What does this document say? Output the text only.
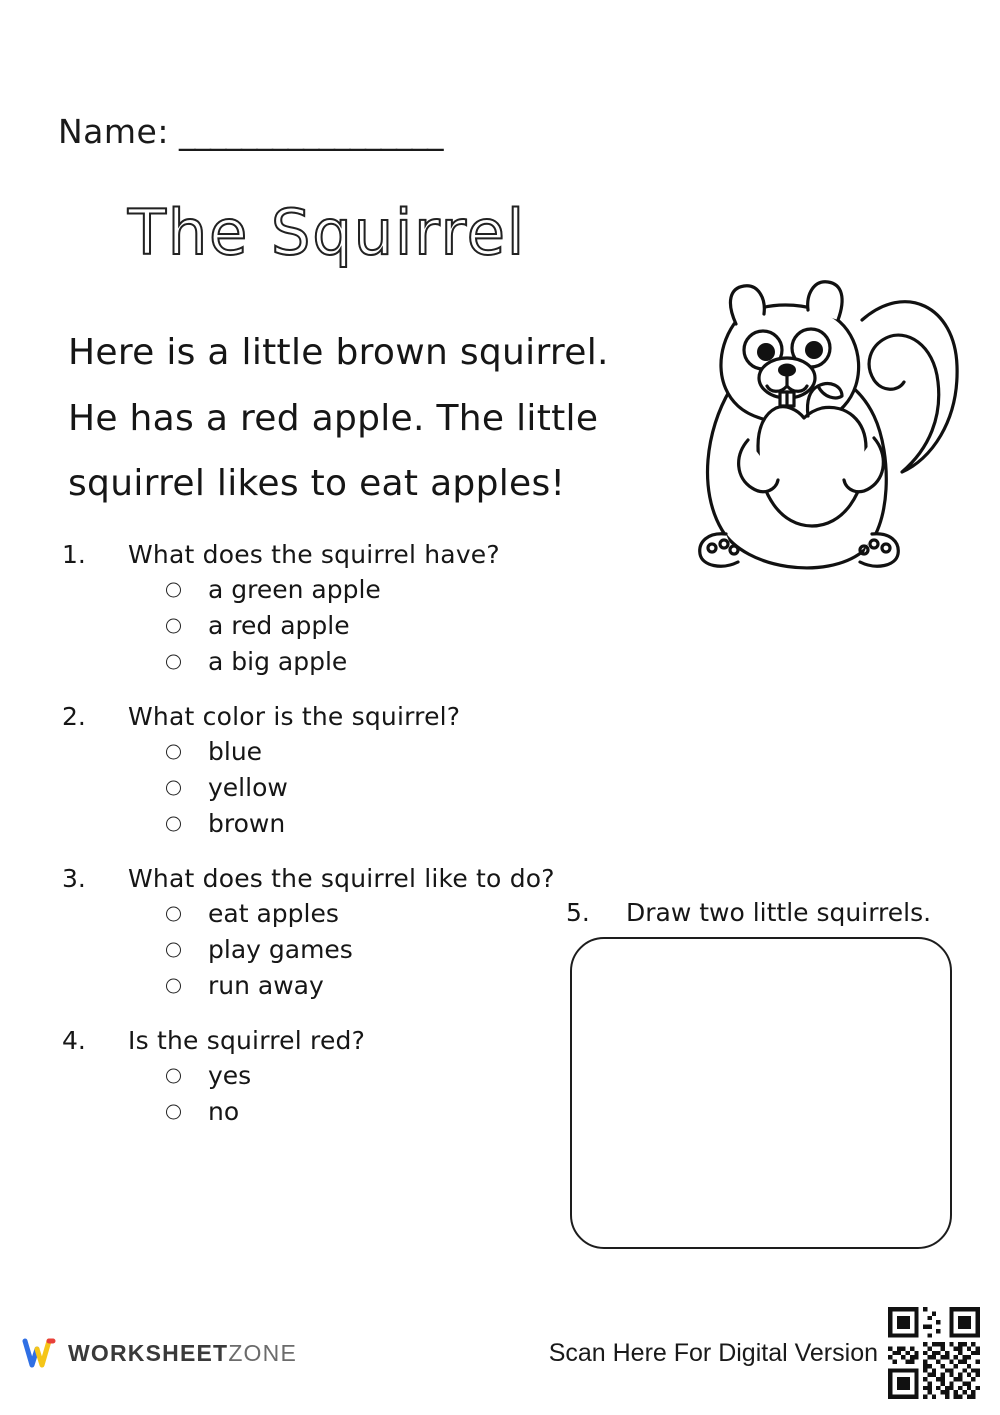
Name: _________________
The Squirrel
Here is a little brown squirrel. He has a red apple. The little squirrel likes to eat apples!
1.	What does the squirrel have?
a green apple
a red apple
a big apple
2.	What color is the squirrel?
blue
yellow
brown
3.	What does the squirrel like to do?
eat apples
play games
run away
4.	Is the squirrel red?
yes
no
5.	Draw two little squirrels.
WORKSHEETZONE	Scan Here For Digital Version
